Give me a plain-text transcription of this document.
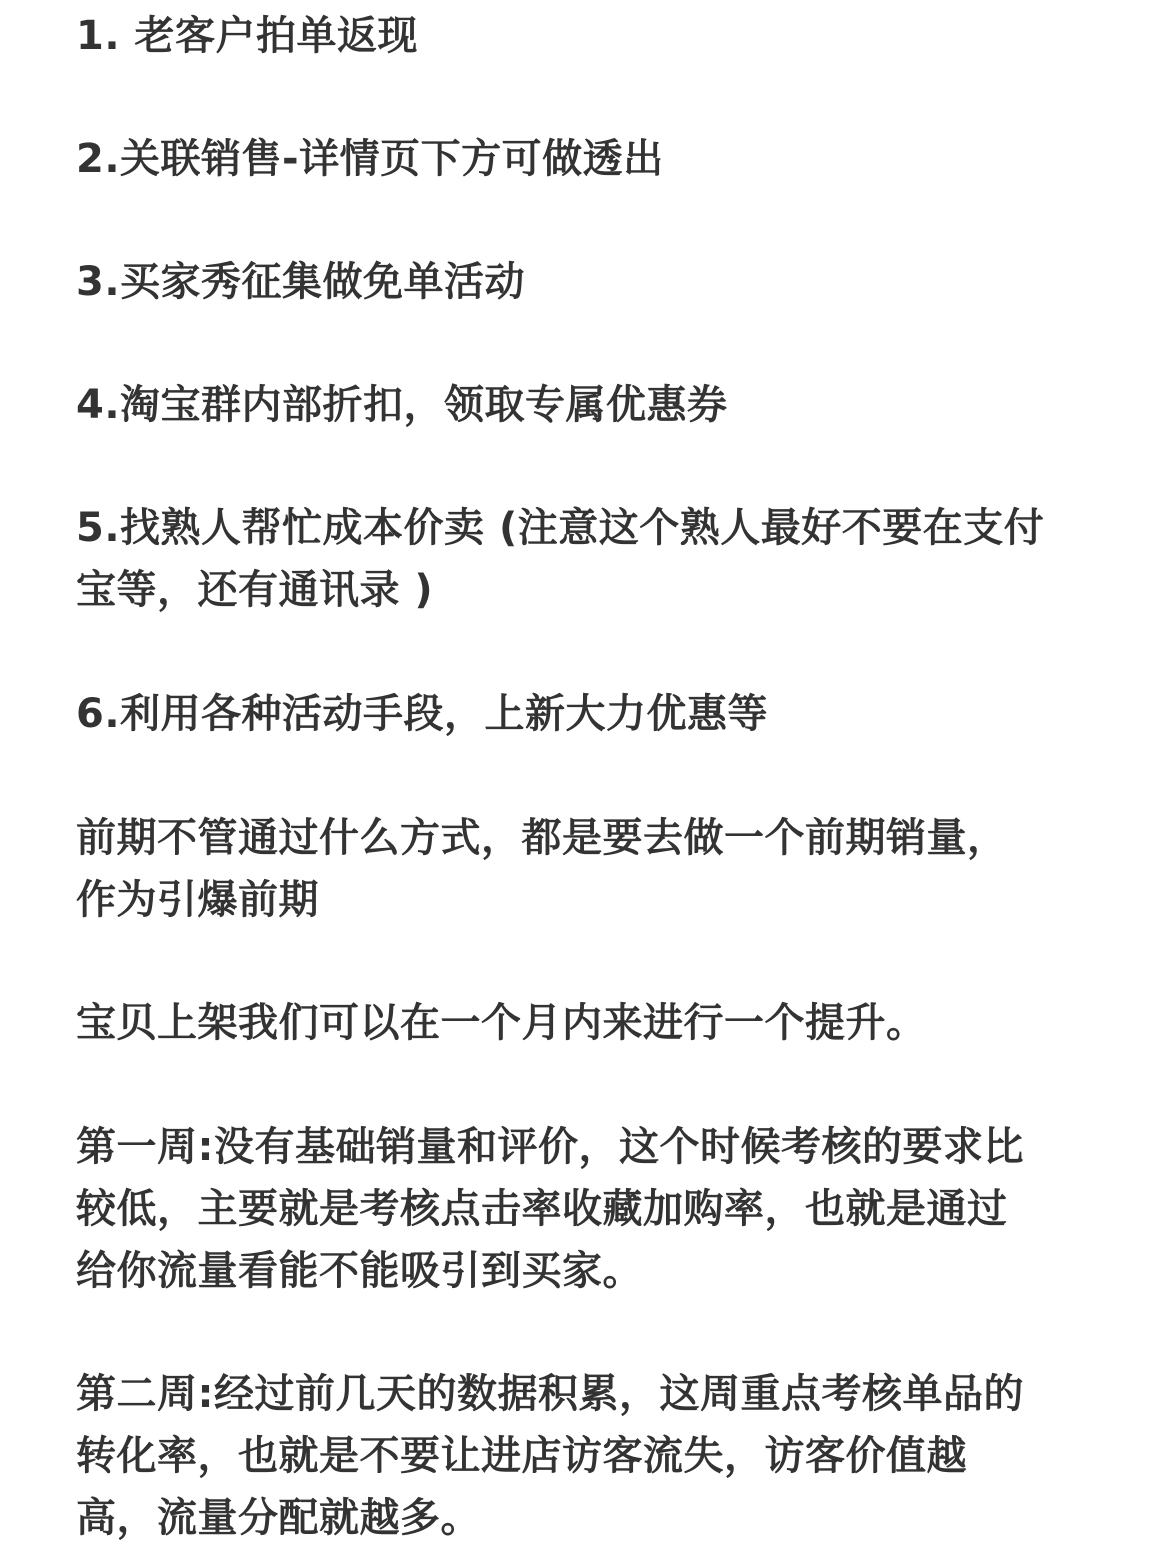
1. 老客户拍单返现

2.关联销售-详情页下方可做透出

3.买家秀征集做免单活动

4.淘宝群内部折扣，领取专属优惠券

5.找熟人帮忙成本价卖 (注意这个熟人最好不要在支付
宝等，还有通讯录 )

6.利用各种活动手段，上新大力优惠等

前期不管通过什么方式，都是要去做一个前期销量，
作为引爆前期

宝贝上架我们可以在一个月内来进行一个提升。

第一周:没有基础销量和评价，这个时候考核的要求比
较低，主要就是考核点击率收藏加购率，也就是通过
给你流量看能不能吸引到买家。

第二周:经过前几天的数据积累，这周重点考核单品的
转化率，也就是不要让进店访客流失，访客价值越
高，流量分配就越多。
